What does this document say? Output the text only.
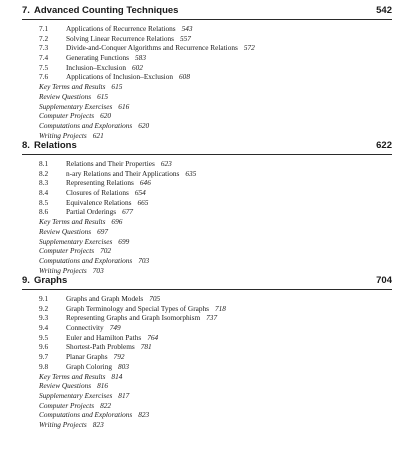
7. Advanced Counting Techniques	542
7.1 Applications of Recurrence Relations 543
7.2 Solving Linear Recurrence Relations 557
7.3 Divide-and-Conquer Algorithms and Recurrence Relations 572
7.4 Generating Functions 583
7.5 Inclusion–Exclusion 602
7.6 Applications of Inclusion–Exclusion 608
Key Terms and Results 615
Review Questions 615
Supplementary Exercises 616
Computer Projects 620
Computations and Explorations 620
Writing Projects 621
8. Relations	622
8.1 Relations and Their Properties 623
8.2 n-ary Relations and Their Applications 635
8.3 Representing Relations 646
8.4 Closures of Relations 654
8.5 Equivalence Relations 665
8.6 Partial Orderings 677
Key Terms and Results 696
Review Questions 697
Supplementary Exercises 699
Computer Projects 702
Computations and Explorations 703
Writing Projects 703
9. Graphs	704
9.1 Graphs and Graph Models 705
9.2 Graph Terminology and Special Types of Graphs 718
9.3 Representing Graphs and Graph Isomorphism 737
9.4 Connectivity 749
9.5 Euler and Hamilton Paths 764
9.6 Shortest-Path Problems 781
9.7 Planar Graphs 792
9.8 Graph Coloring 803
Key Terms and Results 814
Review Questions 816
Supplementary Exercises 817
Computer Projects 822
Computations and Explorations 823
Writing Projects 823
